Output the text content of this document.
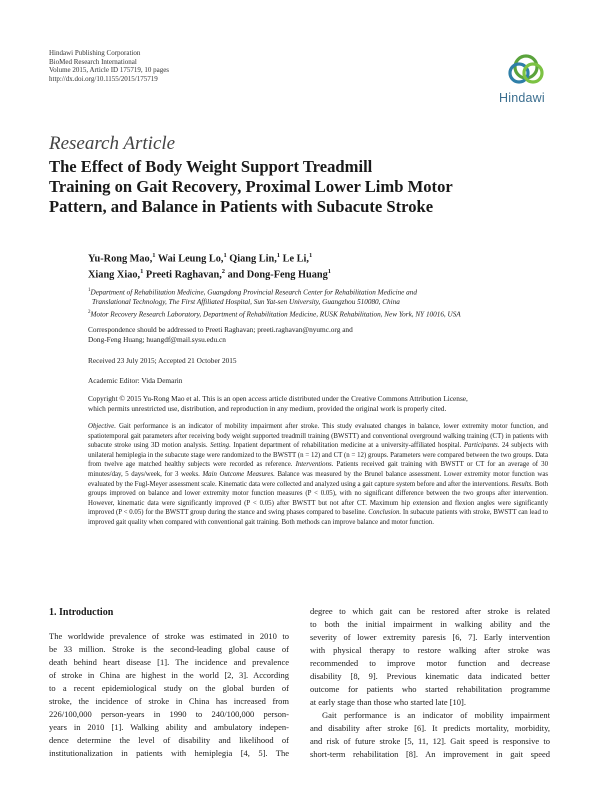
Hindawi Publishing Corporation
BioMed Research International
Volume 2015, Article ID 175719, 10 pages
http://dx.doi.org/10.1155/2015/175719
Hindawi
Research Article
The Effect of Body Weight Support Treadmill
Training on Gait Recovery, Proximal Lower Limb Motor
Pattern, and Balance in Patients with Subacute Stroke
Yu-Rong Mao,$^1$ Wai Leung Lo,$^1$ Qiang Lin,$^1$ Le Li,$^1$
Xiang Xiao,$^1$ Preeti Raghavan,$^2$ and Dong-Feng Huang$^1$
$^1$Department of Rehabilitation Medicine, Guangdong Provincial Research Center for Rehabilitation Medicine and
Translational Technology, The First Affiliated Hospital, Sun Yat-sen University, Guangzhou 510080, China
$^2$Motor Recovery Research Laboratory, Department of Rehabilitation Medicine, RUSK Rehabilitation, New York, NY 10016, USA
Correspondence should be addressed to Preeti Raghavan; preeti.raghavan@nyumc.org and
Dong-Feng Huang; huangdf@mail.sysu.edu.cn
Received 23 July 2015; Accepted 21 October 2015
Academic Editor: Vida Demarin
Copyright © 2015 Yu-Rong Mao et al. This is an open access article distributed under the Creative Commons Attribution License,
which permits unrestricted use, distribution, and reproduction in any medium, provided the original work is properly cited.
Objective. Gait performance is an indicator of mobility impairment after stroke. This study evaluated changes in balance, lower extremity motor function, and spatiotemporal gait parameters after receiving body weight supported treadmill training (BWSTT) and conventional overground walking training (CT) in patients with subacute stroke using 3D motion analysis. Setting. Inpatient department of rehabilitation medicine at a university-affiliated hospital. Participants. 24 subjects with unilateral hemiplegia in the subacute stage were randomized to the BWSTT (n = 12) and CT (n = 12) groups. Parameters were compared between the two groups. Data from twelve age matched healthy subjects were recorded as reference. Interventions. Patients received gait training with BWSTT or CT for an average of 30 minutes/day, 5 days/week, for 3 weeks. Main Outcome Measures. Balance was measured by the Brunel balance assessment. Lower extremity motor function was evaluated by the Fugl-Meyer assessment scale. Kinematic data were collected and analyzed using a gait capture system before and after the interventions. Results. Both groups improved on balance and lower extremity motor function measures (P < 0.05), with no significant difference between the two groups after intervention. However, kinematic data were significantly improved (P < 0.05) after BWSTT but not after CT. Maximum hip extension and flexion angles were significantly improved (P < 0.05) for the BWSTT group during the stance and swing phases compared to baseline. Conclusion. In subacute patients with stroke, BWSTT can lead to improved gait quality when compared with conventional gait training. Both methods can improve balance and motor function.
1. Introduction
The worldwide prevalence of stroke was estimated in 2010 to
be 33 million. Stroke is the second-leading global cause of
death behind heart disease [1]. The incidence and prevalence
of stroke in China are highest in the world [2, 3]. According
to a recent epidemiological study on the global burden of
stroke, the incidence of stroke in China has increased from
226/100,000 person-years in 1990 to 240/100,000 person-
years in 2010 [1]. Walking ability and ambulatory indepen-
dence determine the level of disability and likelihood of
institutionalization in patients with hemiplegia [4, 5]. The
degree to which gait can be restored after stroke is related
to both the initial impairment in walking ability and the
severity of lower extremity paresis [6, 7]. Early intervention
with physical therapy to restore walking after stroke was
recommended to improve motor function and decrease
disability [8, 9]. Previous kinematic data indicated better
outcome for patients who started rehabilitation programme
at early stage than those who started late [10].
Gait performance is an indicator of mobility impairment
and disability after stroke [6]. It predicts mortality, morbidity,
and risk of future stroke [5, 11, 12]. Gait speed is responsive to
short-term rehabilitation [8]. An improvement in gait speed
